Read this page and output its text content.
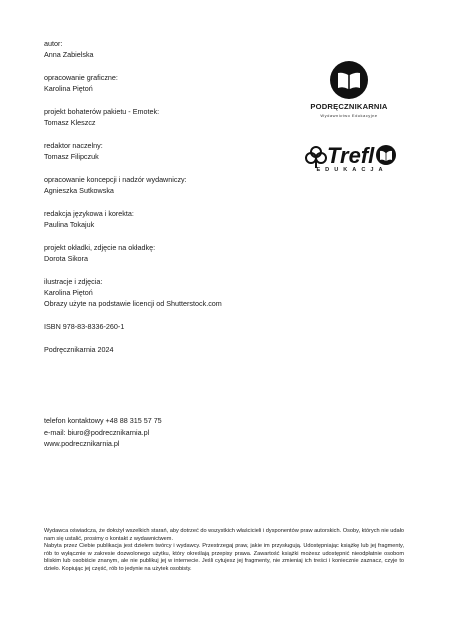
autor:
Anna Zabielska
opracowanie graficzne:
Karolina Piętoń
projekt bohaterów pakietu - Emotek:
Tomasz Kleszcz
redaktor naczelny:
Tomasz Filipczuk
opracowanie koncepcji i nadzór wydawniczy:
Agnieszka Sutkowska
redakcja językowa i korekta:
Paulina Tokajuk
projekt okładki, zdjęcie na okładkę:
Dorota Sikora
ilustracje i zdjęcia:
Karolina Piętoń
Obrazy użyte na podstawie licencji od Shutterstock.com
ISBN 978-83-8336-260-1
Podręcznikarnia 2024
telefon kontaktowy +48 88 315 57 75
e-mail: biuro@podrecznikarnia.pl
www.podrecznikarnia.pl
PODRĘCZNIKARNIA
Wydawnictwo Edukacyjne
Trefl
EDUKACJA

Wydawca oświadcza, że dołożył wszelkich starań, aby dotrzeć do wszystkich właścicieli i dysponentów praw autorskich. Osoby, których nie udało nam się ustalić, prosimy o kontakt z wydawnictwem.

Nabyta przez Ciebie publikacja jest dziełem twórcy i wydawcy. Przestrzegaj praw, jakie im przysługują. Udostępniając książkę lub jej fragmenty, rób to wyłącznie w zakresie dozwolonego użytku, który określają przepisy prawa. Zawartość książki możesz udostępnić nieodpłatnie osobom bliskim lub osobiście znanym, ale nie publikuj jej w internecie. Jeśli cytujesz jej fragmenty, nie zmieniaj ich treści i koniecznie zaznacz, czyje to dzieło. Kopiując jej część, rób to jedynie na użytek osobisty.
